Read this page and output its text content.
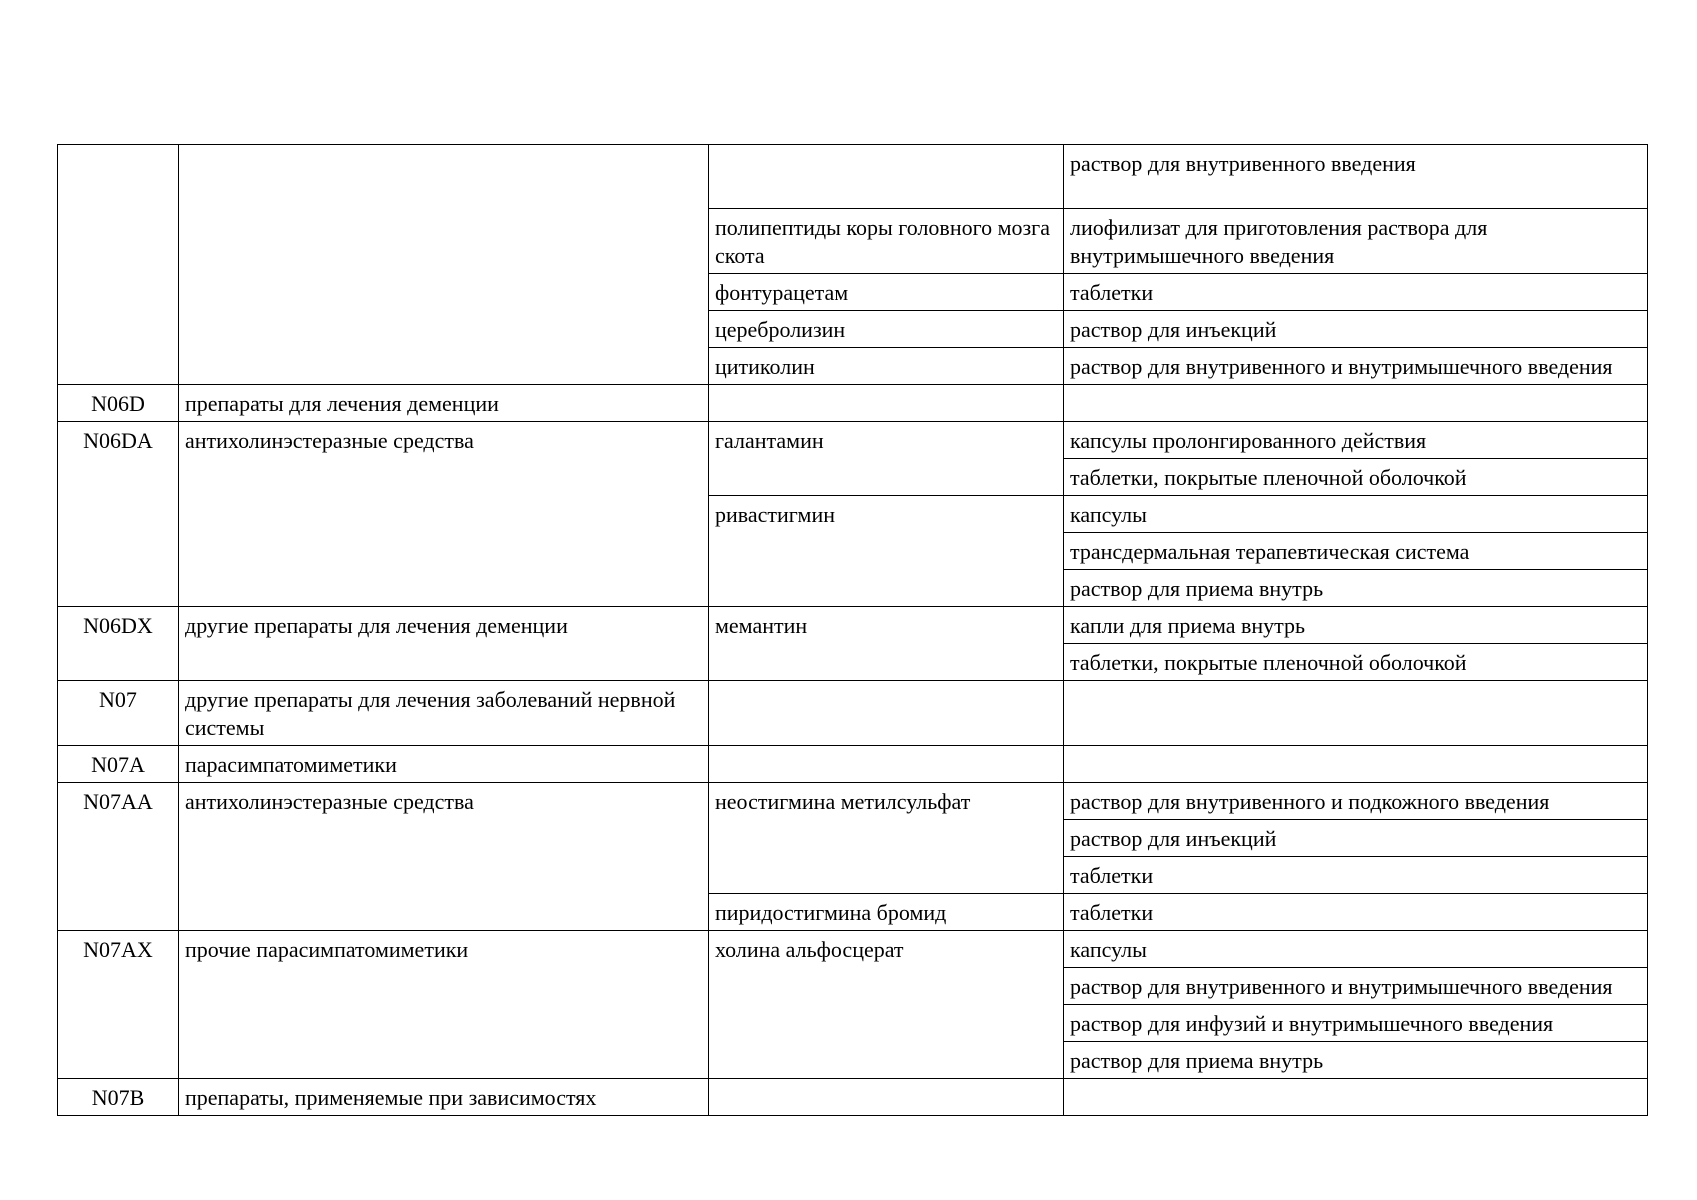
			раствор для внутривенного введения
		полипептиды коры головного мозга скота	лиофилизат для приготовления раствора для внутримышечного введения
		фонтурацетам	таблетки
		церебролизин	раствор для инъекций
		цитиколин	раствор для внутривенного и внутримышечного введения
N06D	препараты для лечения деменции		
N06DA	антихолинэстеразные средства	галантамин	капсулы пролонгированного действия
			таблетки, покрытые пленочной оболочкой
		ривастигмин	капсулы
			трансдермальная терапевтическая система
			раствор для приема внутрь
N06DX	другие препараты для лечения деменции	мемантин	капли для приема внутрь
			таблетки, покрытые пленочной оболочкой
N07	другие препараты для лечения заболеваний нервной системы		
N07A	парасимпатомиметики		
N07AA	антихолинэстеразные средства	неостигмина метилсульфат	раствор для внутривенного и подкожного введения
			раствор для инъекций
			таблетки
		пиридостигмина бромид	таблетки
N07AX	прочие парасимпатомиметики	холина альфосцерат	капсулы
			раствор для внутривенного и внутримышечного введения
			раствор для инфузий и внутримышечного введения
			раствор для приема внутрь
N07B	препараты, применяемые при зависимостях		
